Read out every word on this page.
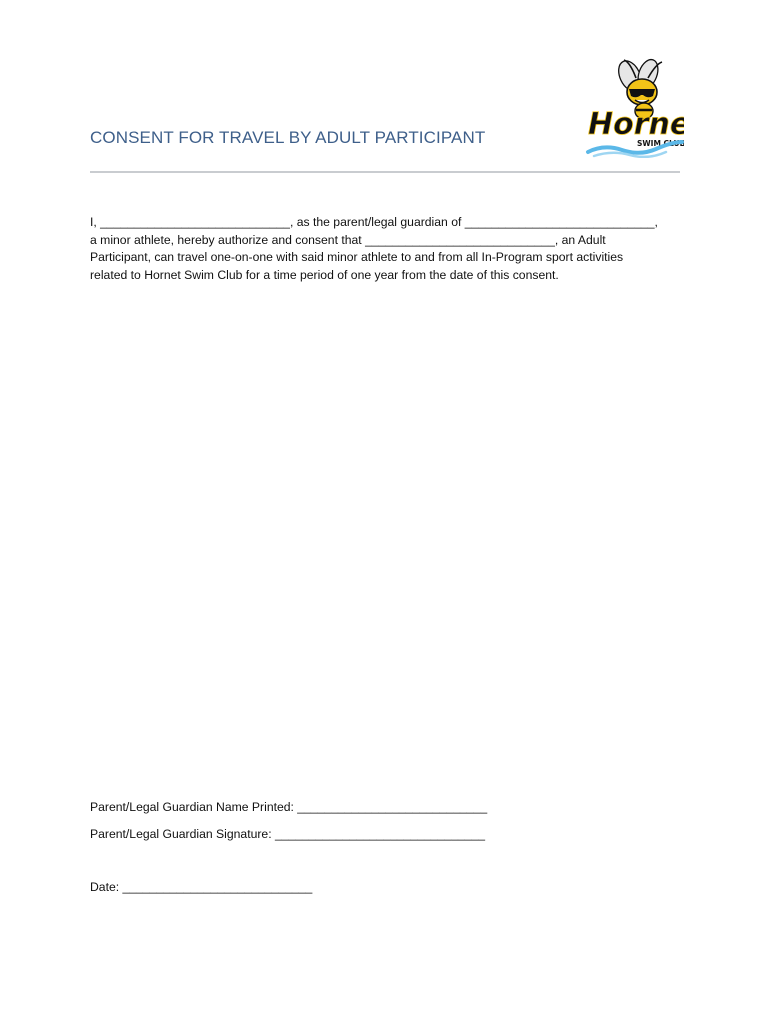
CONSENT FOR TRAVEL BY ADULT PARTICIPANT	Horn
SWIM CLUB
I, ____________________________, as the parent/legal guardian of ____________________________,
a minor athlete, hereby authorize and consent that ____________________________, an Adult
Participant, can travel one-on-one with said minor athlete to and from all In-Program sport activities
related to Hornet Swim Club for a time period of one year from the date of this consent.
Parent/Legal Guardian Name Printed: ____________________________
Parent/Legal Guardian Signature: _______________________________
Date: ____________________________
